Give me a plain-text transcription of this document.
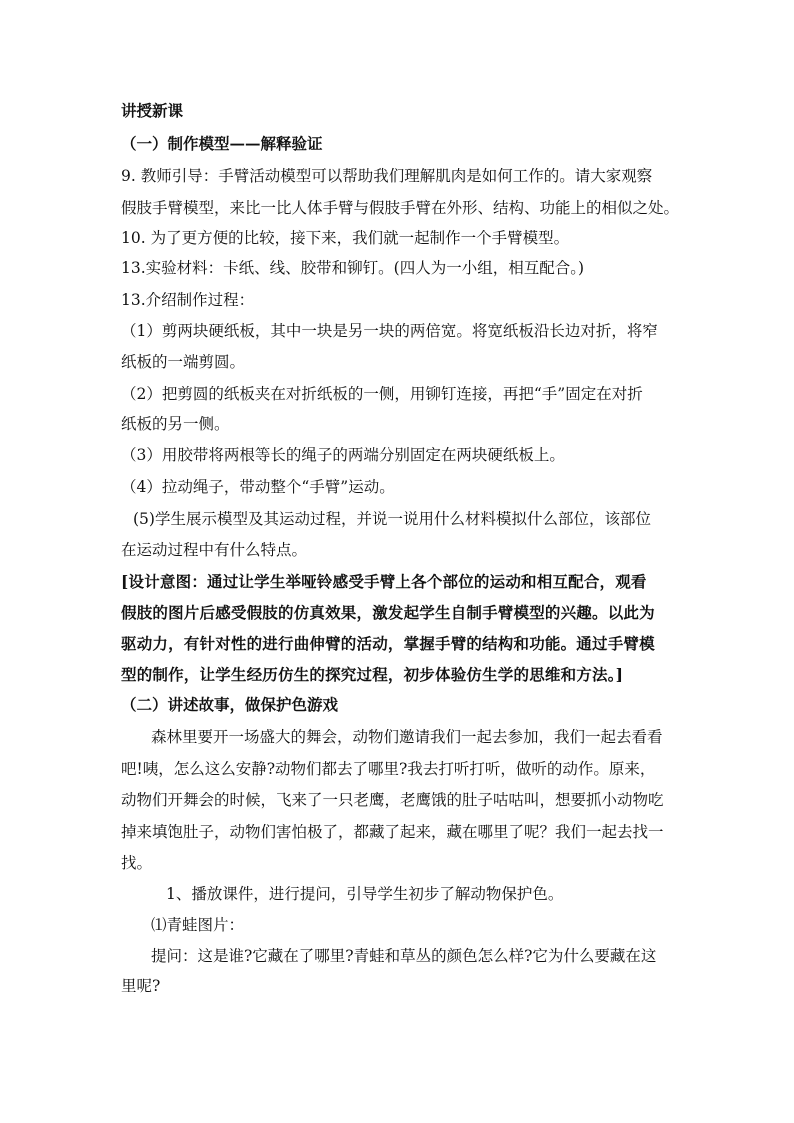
讲授新课
（一）制作模型——解释验证
9. 教师引导：手臂活动模型可以帮助我们理解肌肉是如何工作的。请大家观察
假肢手臂模型，来比一比人体手臂与假肢手臂在外形、结构、功能上的相似之处。
10. 为了更方便的比较，接下来，我们就一起制作一个手臂模型。
13.实验材料：卡纸、线、胶带和铆钉。(四人为一小组，相互配合。)
13.介绍制作过程：
（1）剪两块硬纸板，其中一块是另一块的两倍宽。将宽纸板沿长边对折，将窄
纸板的一端剪圆。
（2）把剪圆的纸板夹在对折纸板的一侧，用铆钉连接，再把“手”固定在对折
纸板的另一侧。
（3）用胶带将两根等长的绳子的两端分别固定在两块硬纸板上。
（4）拉动绳子，带动整个“手臂”运动。
(5)学生展示模型及其运动过程，并说一说用什么材料模拟什么部位，该部位
在运动过程中有什么特点。
[设计意图：通过让学生举哑铃感受手臂上各个部位的运动和相互配合，观看
假肢的图片后感受假肢的仿真效果，激发起学生自制手臂模型的兴趣。以此为
驱动力，有针对性的进行曲伸臂的活动，掌握手臂的结构和功能。通过手臂模
型的制作，让学生经历仿生的探究过程，初步体验仿生学的思维和方法。]
（二）讲述故事，做保护色游戏
森林里要开一场盛大的舞会，动物们邀请我们一起去参加，我们一起去看看
吧!咦，怎么这么安静?动物们都去了哪里?我去打听打听，做听的动作。原来，
动物们开舞会的时候，飞来了一只老鹰，老鹰饿的肚子咕咕叫，想要抓小动物吃
掉来填饱肚子，动物们害怕极了，都藏了起来，藏在哪里了呢？我们一起去找一
找。
1、播放课件，进行提问，引导学生初步了解动物保护色。
⑴青蛙图片：
提问：这是谁?它藏在了哪里?青蛙和草丛的颜色怎么样?它为什么要藏在这
里呢?
